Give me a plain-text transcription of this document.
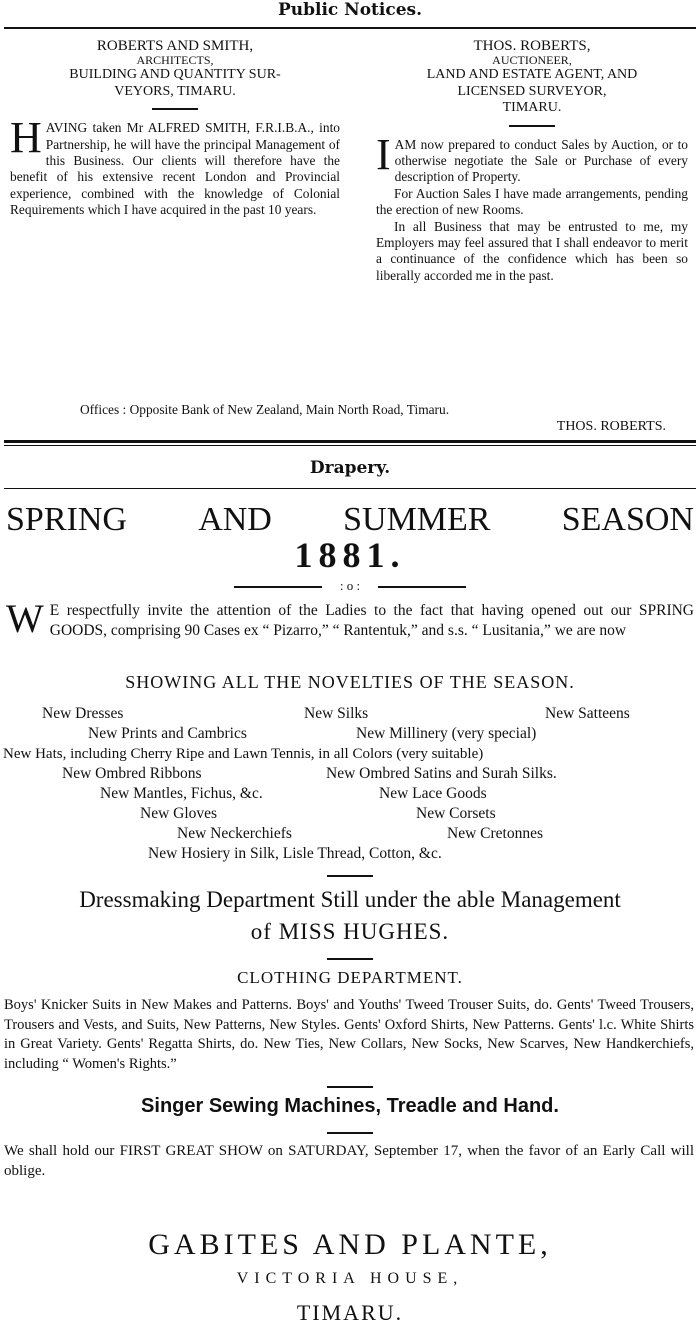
Public Notices.
ROBERTS AND SMITH,
ARCHITECTS,
BUILDING AND QUANTITY SUR-
VEYORS, TIMARU.
HAVING taken Mr ALFRED SMITH, F.R.I.B.A., into Partnership, he will have the principal Management of this Business. Our clients will therefore have the benefit of his extensive recent London and Provincial experience, combined with the knowledge of Colonial Requirements which I have acquired in the past 10 years.
THOS. ROBERTS,
AUCTIONEER,
LAND AND ESTATE AGENT, AND
LICENSED SURVEYOR,
TIMARU.
IAM now prepared to conduct Sales by Auction, or to otherwise negotiate the Sale or Purchase of every description of Property.
For Auction Sales I have made arrangements, pending the erection of new Rooms.
In all Business that may be entrusted to me, my Employers may feel assured that I shall endeavor to merit a continuance of the confidence which has been so liberally accorded me in the past.
Offices : Opposite Bank of New Zealand, Main North Road, Timaru.
THOS. ROBERTS.
Drapery.
SPRING AND SUMMER SEASON
1881.
: o :
W E respectfully invite the attention of the Ladies to the fact that having opened out our SPRING GOODS, comprising 90 Cases ex “ Pizarro,” “ Rantentuk,” and s.s. “ Lusitania,” we are now
SHOWING ALL THE NOVELTIES OF THE SEASON.
New Dresses	New Silks	New Satteens
New Prints and Cambrics	New Millinery (very special)
New Hats, including Cherry Ripe and Lawn Tennis, in all Colors (very suitable)
New Ombred Ribbons	New Ombred Satins and Surah Silks.
New Mantles, Fichus, &c.	New Lace Goods
New Gloves	New Corsets
New Neckerchiefs	New Cretonnes
New Hosiery in Silk, Lisle Thread, Cotton, &c.
Dressmaking Department Still under the able Management
of MISS HUGHES.
CLOTHING DEPARTMENT.
Boys' Knicker Suits in New Makes and Patterns. Boys' and Youths' Tweed Trouser Suits, do. Gents' Tweed Trousers, Trousers and Vests, and Suits, New Patterns, New Styles. Gents' Oxford Shirts, New Patterns. Gents' l.c. White Shirts in Great Variety. Gents' Regatta Shirts, do. New Ties, New Collars, New Socks, New Scarves, New Handkerchiefs, including “ Women's Rights.”
Singer Sewing Machines, Treadle and Hand.
We shall hold our FIRST GREAT SHOW on SATURDAY, September 17, when the favor of an Early Call will oblige.
GABITES AND PLANTE,
VICTORIA HOUSE,
TIMARU.
